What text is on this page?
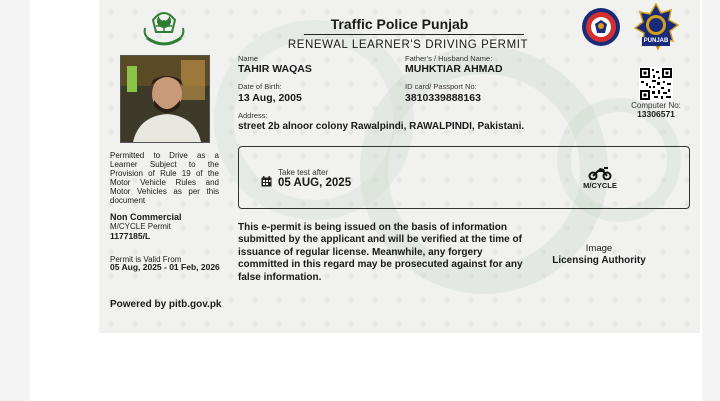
Traffic Police Punjab
RENEWAL LEARNER'S DRIVING PERMIT	PUNJAB
Name
TAHIR WAQAS
Father's / Husband Name:
MUHKTIAR AHMAD
Date of Birth:
13 Aug, 2005
ID card/ Passport No:
3810339888163
Address:
street 2b alnoor colony Rawalpindi, RAWALPINDI, Pakistani.
Computer No:
13306571
Permitted to Drive as a Learner Subject to the Provision of Rule 19 of the Motor Vehicle Rules and Motor Vehicles as per this document
Non Commercial
M/CYCLE Permit
1177185/L
Permit is Valid From
05 Aug, 2025 - 01 Feb, 2026
Powered by pitb.gov.pk
Take test after
05 AUG, 2025	M/CYCLE
This e-permit is being issued on the basis of information submitted by the applicant and will be verified at the time of issuance of regular license. Meanwhile, any forgery committed in this regard may be prosecuted against for any false information.
Image
Licensing Authority
